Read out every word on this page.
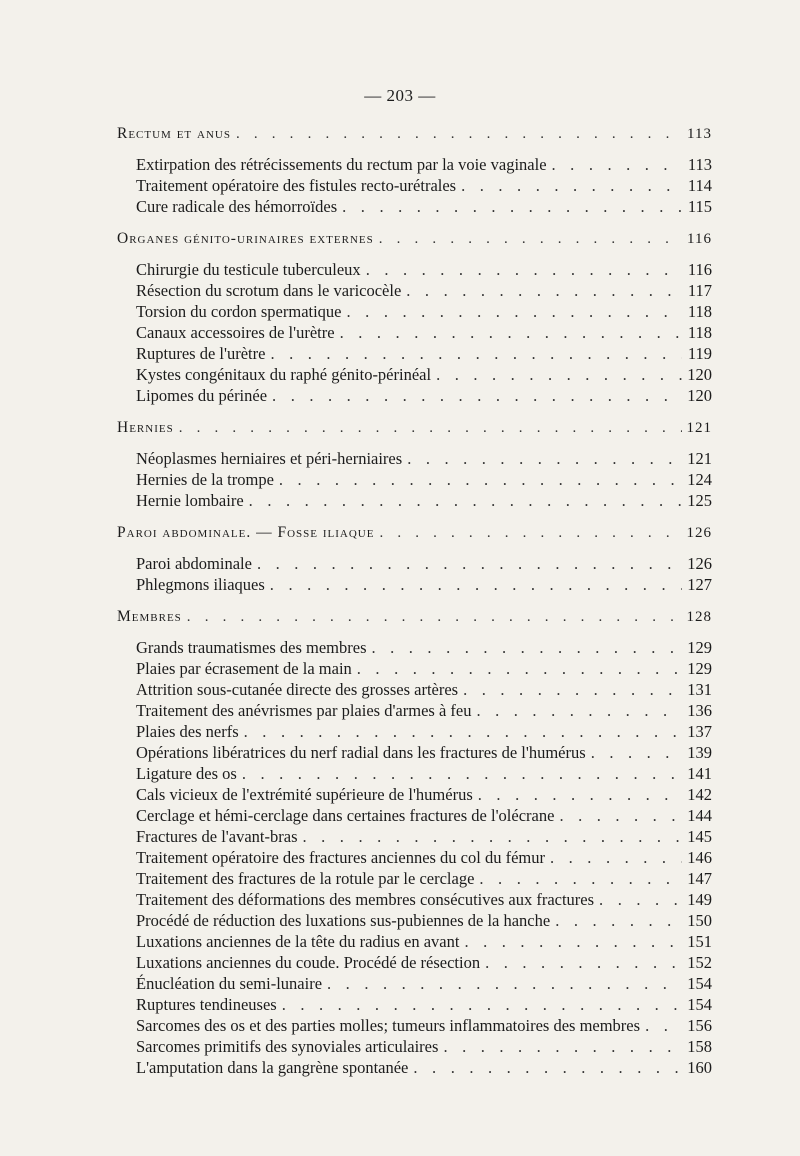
— 203 —
Rectum et anus . . .	113
Extirpation des rétrécissements du rectum par la voie vaginale . . .	113
Traitement opératoire des fistules recto-urétrales . . .	114
Cure radicale des hémorroïdes . . .	115
Organes génito-urinaires externes . . .	116
Chirurgie du testicule tuberculeux . . .	116
Résection du scrotum dans le varicocèle . . .	117
Torsion du cordon spermatique . . .	118
Canaux accessoires de l'urètre . . .	118
Ruptures de l'urètre . . .	119
Kystes congénitaux du raphé génito-périnéal . . .	120
Lipomes du périnée . . .	120
Hernies . . .	121
Néoplasmes herniaires et péri-herniaires . . .	121
Hernies de la trompe . . .	124
Hernie lombaire . . .	125
Paroi abdominale. — Fosse iliaque . . .	126
Paroi abdominale . . .	126
Phlegmons iliaques . . .	127
Membres . . .	128
Grands traumatismes des membres . . .	129
Plaies par écrasement de la main . . .	129
Attrition sous-cutanée directe des grosses artères . . .	131
Traitement des anévrismes par plaies d'armes à feu . . .	136
Plaies des nerfs . . .	137
Opérations libératrices du nerf radial dans les fractures de l'humérus . . .	139
Ligature des os . . .	141
Cals vicieux de l'extrémité supérieure de l'humérus . . .	142
Cerclage et hémi-cerclage dans certaines fractures de l'olécrane . . .	144
Fractures de l'avant-bras . . .	145
Traitement opératoire des fractures anciennes du col du fémur . . .	146
Traitement des fractures de la rotule par le cerclage . . .	147
Traitement des déformations des membres consécutives aux fractures . . .	149
Procédé de réduction des luxations sus-pubiennes de la hanche . . .	150
Luxations anciennes de la tête du radius en avant . . .	151
Luxations anciennes du coude. Procédé de résection . . .	152
Énucléation du semi-lunaire . . .	154
Ruptures tendineuses . . .	154
Sarcomes des os et des parties molles; tumeurs inflammatoires des membres . . .	156
Sarcomes primitifs des synoviales articulaires . . .	158
L'amputation dans la gangrène spontanée . . .	160
